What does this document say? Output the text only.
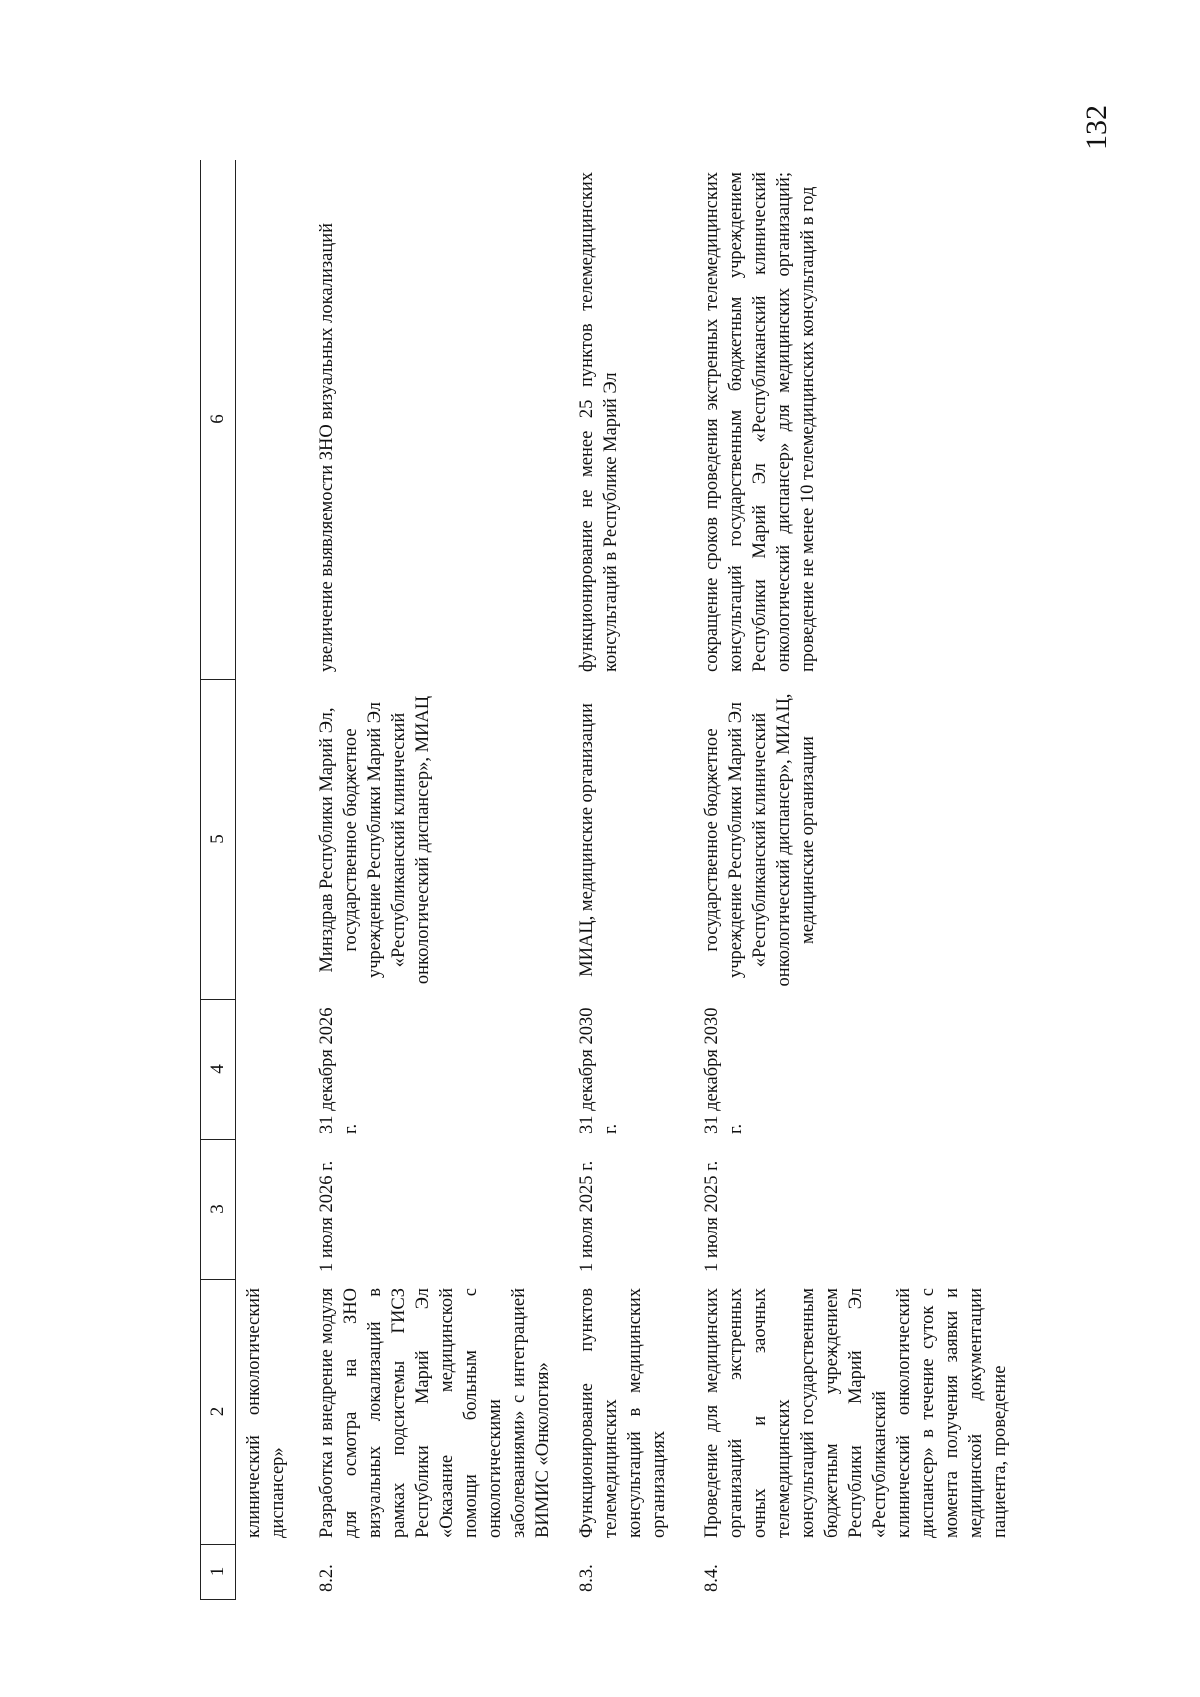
132
1
2
3
4
5
6
клинический онкологический диспансер»
8.2.
Разработка и внедрение модуля для осмотра на ЗНО визуальных локализаций в рамках подсистемы ГИСЗ Республики Марий Эл «Оказание медицинской помощи больным с онкологическими заболеваниями» с интеграцией ВИМИС «Онкология»
1 июля 2026 г.
31 декабря 2026 г.
Минздрав Республики Марий Эл, государственное бюджетное учреждение Республики Марий Эл «Республиканский клинический онкологический диспансер», МИАЦ
увеличение выявляемости ЗНО визуальных локализаций
8.3.
Функционирование пунктов телемедицинских консультаций в медицинских организациях
1 июля 2025 г.
31 декабря 2030 г.
МИАЦ, медицинские организации
функционирование не менее 25 пунктов телемедицинских консультаций в Республике Марий Эл
8.4.
Проведение для медицинских организаций экстренных очных и заочных телемедицинских консультаций государственным бюджетным учреждением Республики Марий Эл «Республиканский клинический онкологический диспансер» в течение суток с момента получения заявки и медицинской документации пациента, проведение
1 июля 2025 г.
31 декабря 2030 г.
государственное бюджетное учреждение Республики Марий Эл «Республиканский клинический онкологический диспансер», МИАЦ, медицинские организации
сокращение сроков проведения экстренных телемедицинских консультаций государственным бюджетным учреждением Республики Марий Эл «Республиканский клинический онкологический диспансер» для медицинских организаций; проведение не менее 10 телемедицинских консультаций в год
